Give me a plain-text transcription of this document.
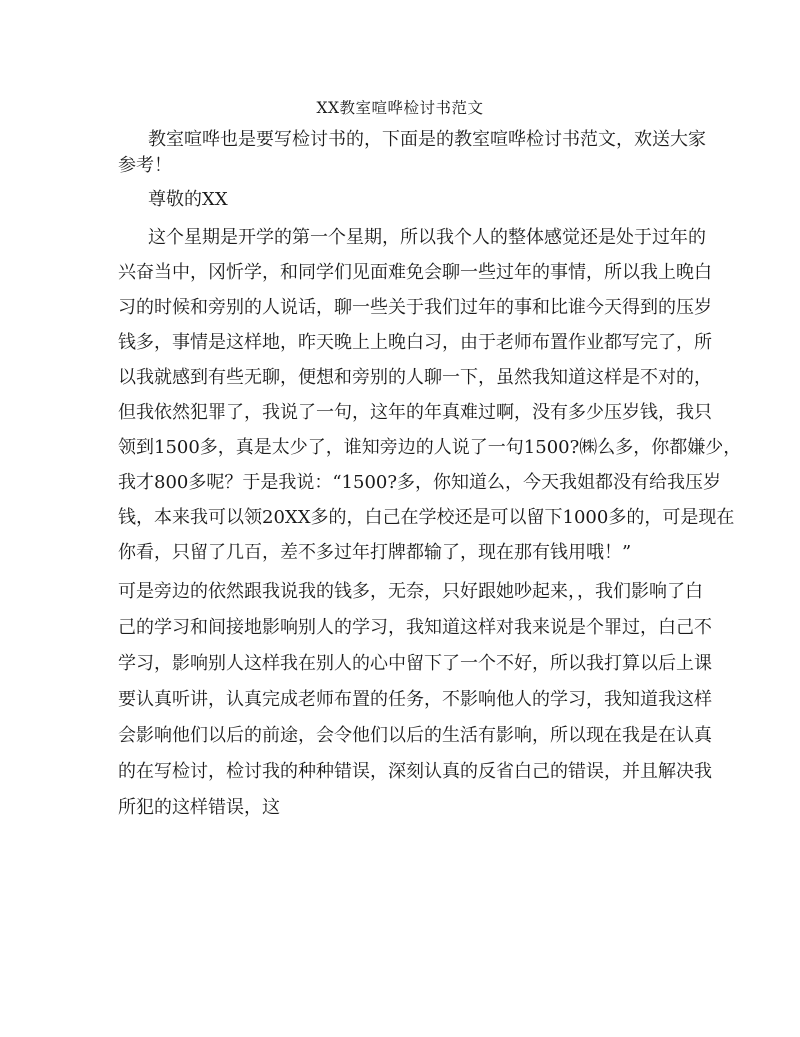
XX教室喧哗检讨书范文
教室喧哗也是要写检讨书的，下面是的教室喧哗检讨书范文，欢送大家
参考！
尊敬的XX
这个星期是开学的第一个星期，所以我个人的整体感觉还是处于过年的
兴奋当中，冈忻学，和同学们见面难免会聊一些过年的事情，所以我上晚白
习的时候和旁别的人说话，聊一些关于我们过年的事和比谁今天得到的压岁
钱多，事情是这样地，昨天晚上上晚白习，由于老师布置作业都写完了，所
以我就感到有些无聊，便想和旁别的人聊一下，虽然我知道这样是不对的，
但我依然犯罪了，我说了一句，这年的年真难过啊，没有多少压岁钱，我只
领到1500多，真是太少了，谁知旁边的人说了一句1500?㈱么多，你都嫌少，
我才800多呢？于是我说：“1500?多，你知道么，今天我姐都没有给我压岁
钱，本来我可以领20XX多的，白己在学校还是可以留下1000多的，可是现在
你看，只留了几百，差不多过年打牌都输了，现在那有钱用哦！”
可是旁边的依然跟我说我的钱多，无奈，只好跟她吵起来，，我们影响了白
己的学习和间接地影响别人的学习，我知道这样对我来说是个罪过，白己不
学习，影响别人这样我在别人的心中留下了一个不好，所以我打算以后上课
要认真听讲，认真完成老师布置的任务，不影响他人的学习，我知道我这样
会影响他们以后的前途，会令他们以后的生活有影响，所以现在我是在认真
的在写检讨，检讨我的种种错误，深刻认真的反省白己的错误，并且解决我
所犯的这样错误，这
